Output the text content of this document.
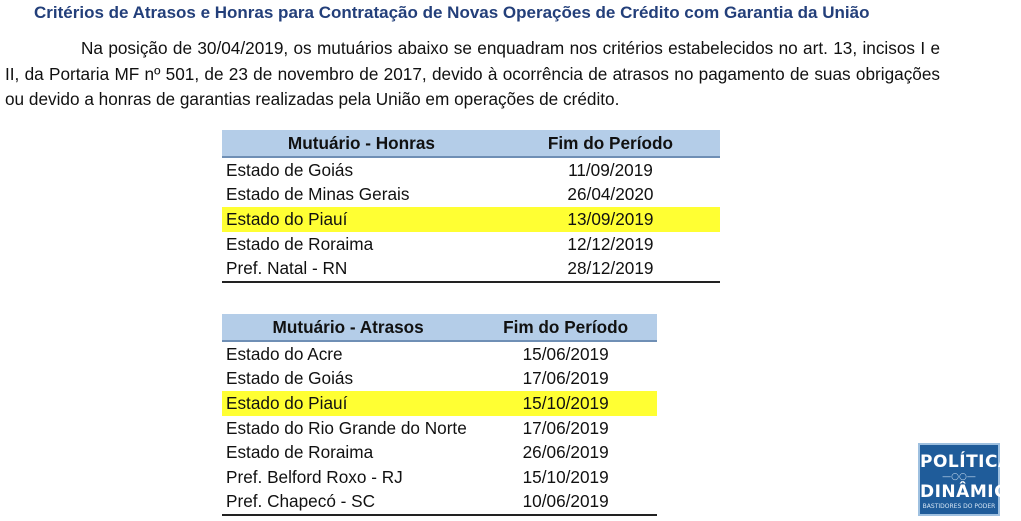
Critérios de Atrasos e Honras para Contratação de Novas Operações de Crédito com Garantia da União
Na posição de 30/04/2019, os mutuários abaixo se enquadram nos critérios estabelecidos no art. 13, incisos I e II, da Portaria MF nº 501, de 23 de novembro de 2017, devido à ocorrência de atrasos no pagamento de suas obrigações ou devido a honras de garantias realizadas pela União em operações de crédito.
Mutuário - Honras	Fim do Período
Estado de Goiás	11/09/2019
Estado de Minas Gerais	26/04/2020
Estado do Piauí	13/09/2019
Estado de Roraima	12/12/2019
Pref. Natal - RN	28/12/2019
Mutuário - Atrasos	Fim do Período
Estado do Acre	15/06/2019
Estado de Goiás	17/06/2019
Estado do Piauí	15/10/2019
Estado do Rio Grande do Norte	17/06/2019
Estado de Roraima	26/06/2019
Pref. Belford Roxo - RJ	15/10/2019
Pref. Chapecó - SC	10/06/2019
POLÍTICA
—○○—
DINÂMICA
BASTIDORES DO PODER
